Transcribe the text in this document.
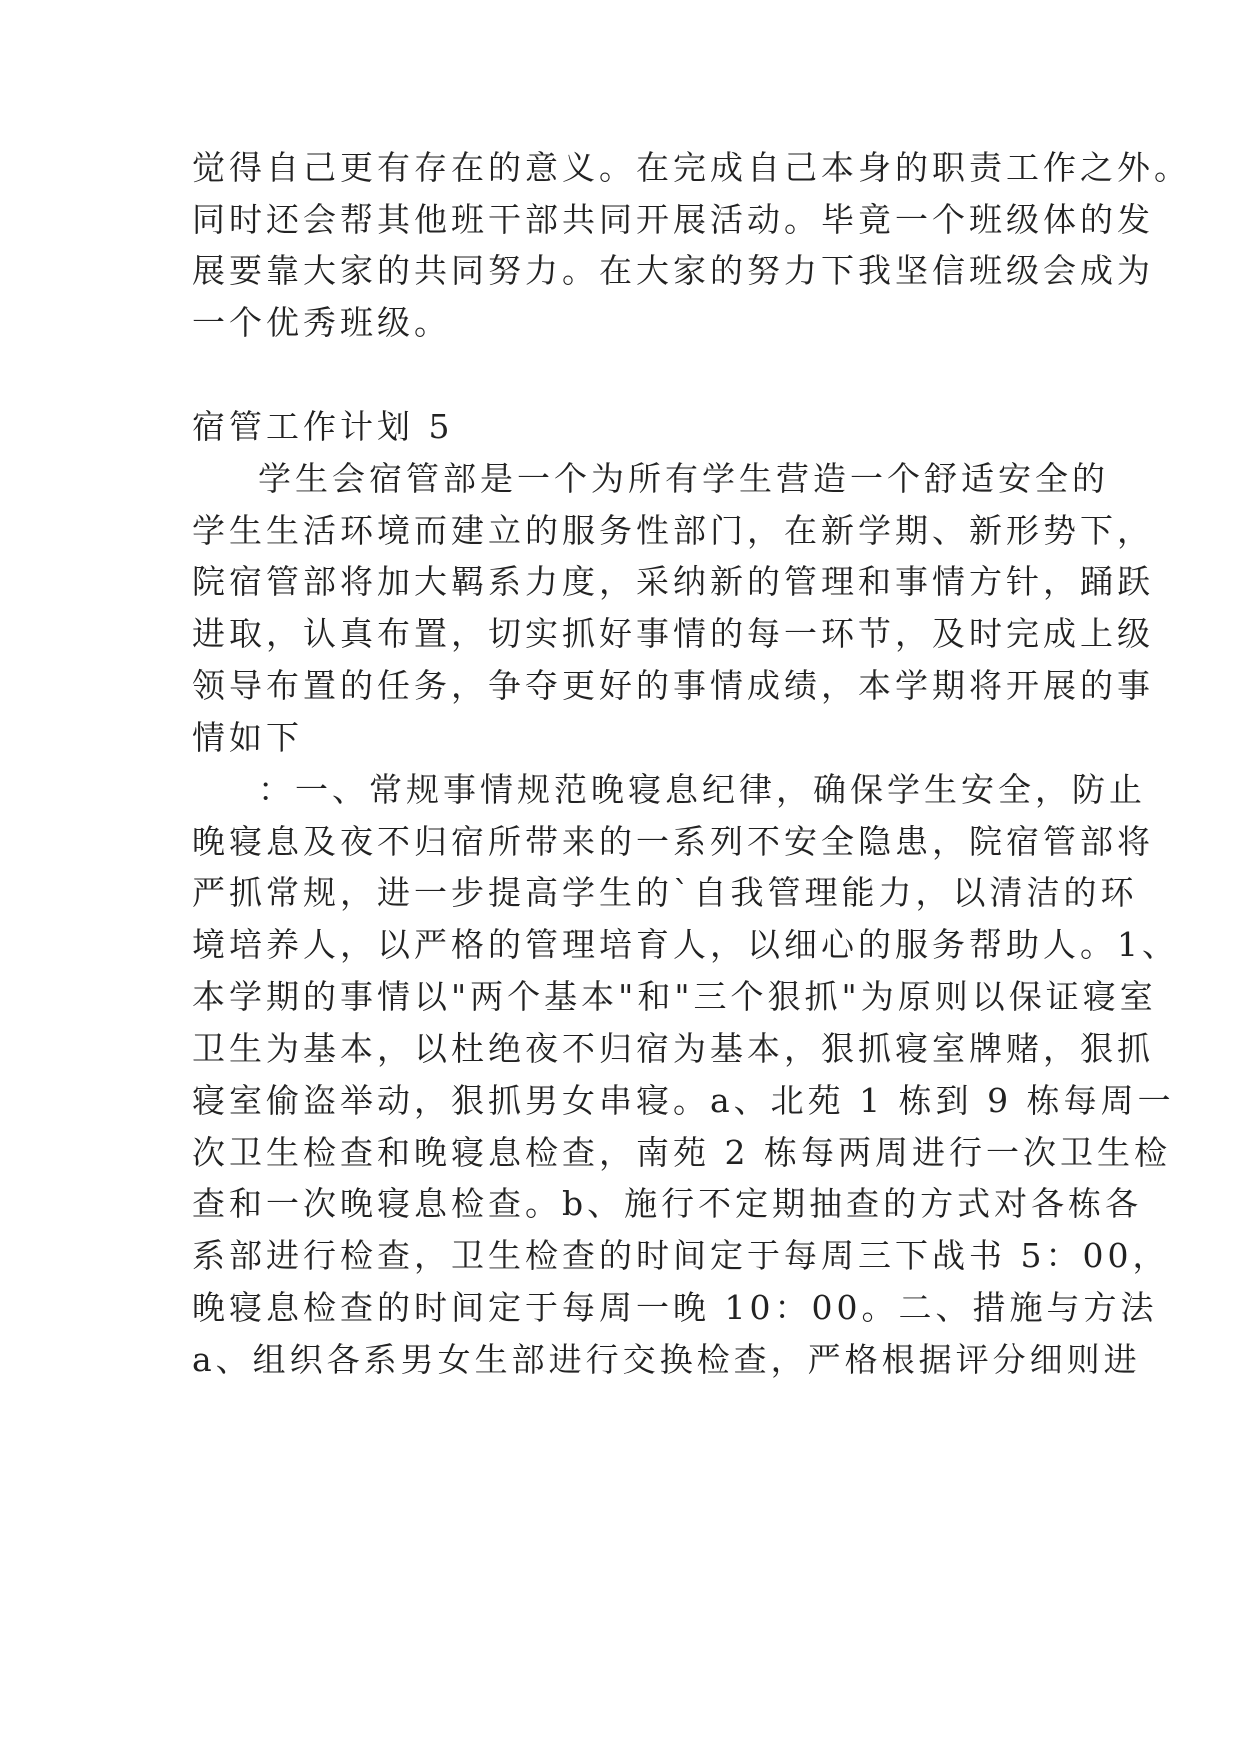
觉得自己更有存在的意义。在完成自己本身的职责工作之外。
同时还会帮其他班干部共同开展活动。毕竟一个班级体的发
展要靠大家的共同努力。在大家的努力下我坚信班级会成为
一个优秀班级。
宿管工作计划 5
学生会宿管部是一个为所有学生营造一个舒适安全的
学生生活环境而建立的服务性部门，在新学期、新形势下，
院宿管部将加大羁系力度，采纳新的管理和事情方针，踊跃
进取，认真布置，切实抓好事情的每一环节，及时完成上级
领导布置的任务，争夺更好的事情成绩，本学期将开展的事
情如下
：一、常规事情规范晚寝息纪律，确保学生安全，防止
晚寝息及夜不归宿所带来的一系列不安全隐患，院宿管部将
严抓常规，进一步提高学生的`自我管理能力，以清洁的环
境培养人，以严格的管理培育人，以细心的服务帮助人。1、
本学期的事情以"两个基本"和"三个狠抓"为原则以保证寝室
卫生为基本，以杜绝夜不归宿为基本，狠抓寝室牌赌，狠抓
寝室偷盗举动，狠抓男女串寝。a、北苑 1 栋到 9 栋每周一
次卫生检查和晚寝息检查，南苑 2 栋每两周进行一次卫生检
查和一次晚寝息检查。b、施行不定期抽查的方式对各栋各
系部进行检查，卫生检查的时间定于每周三下战书 5：00，
晚寝息检查的时间定于每周一晚 10：00。二、措施与方法
a、组织各系男女生部进行交换检查，严格根据评分细则进
